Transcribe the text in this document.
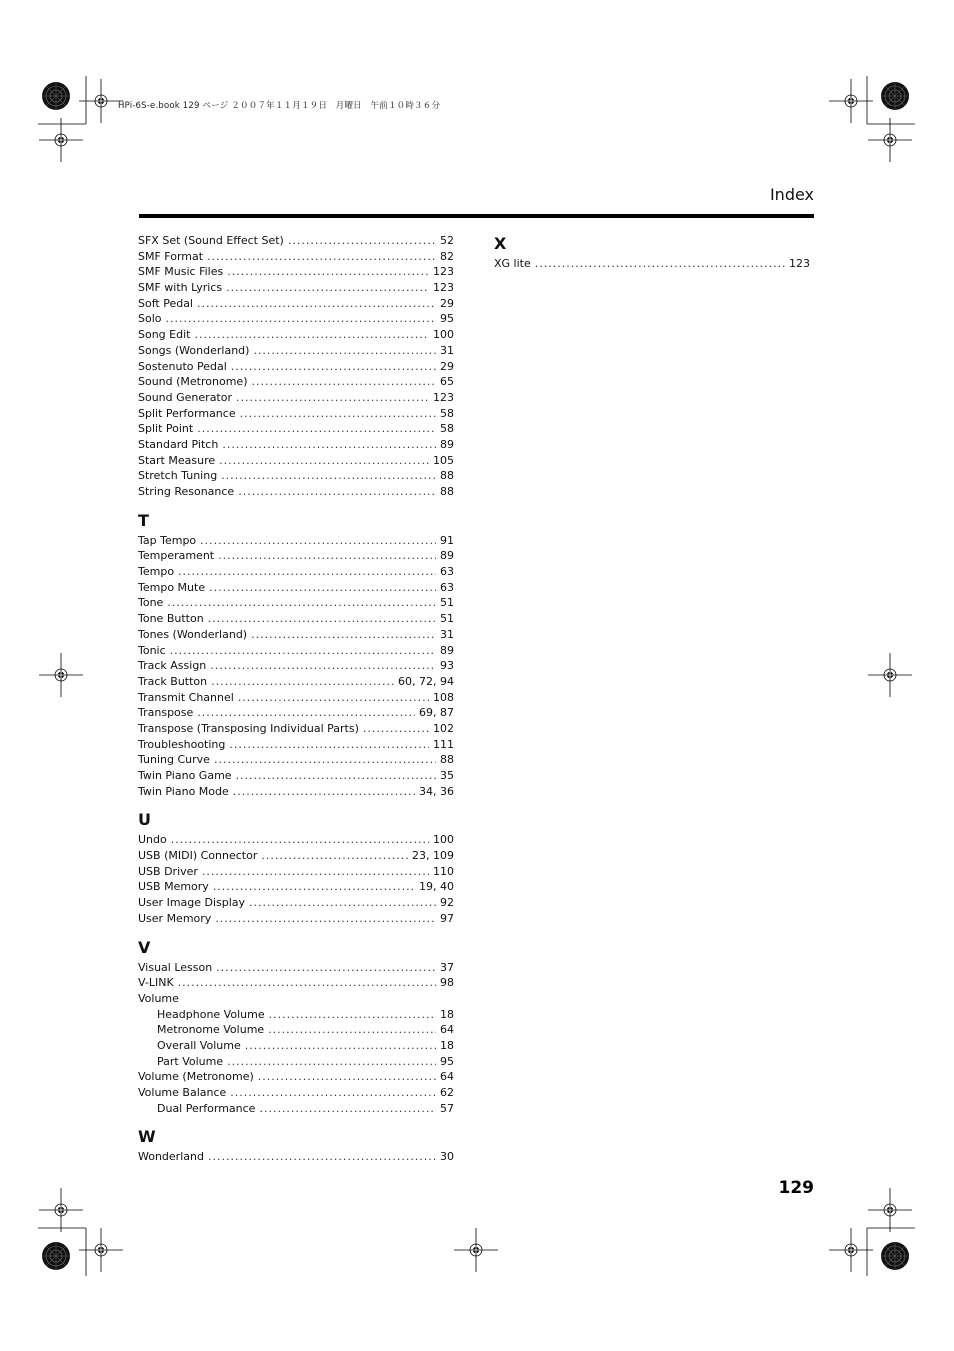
HPi-6S-e.book 129 ページ ２００７年１１月１９日　月曜日　午前１０時３６分
Index
SFX Set (Sound Effect Set) .....	52
SMF Format .....	82
SMF Music Files .....	123
SMF with Lyrics .....	123
Soft Pedal .....	29
Solo .....	95
Song Edit .....	100
Songs (Wonderland) .....	31
Sostenuto Pedal .....	29
Sound (Metronome) .....	65
Sound Generator .....	123
Split Performance .....	58
Split Point .....	58
Standard Pitch .....	89
Start Measure .....	105
Stretch Tuning .....	88
String Resonance .....	88
T
Tap Tempo .....	91
Temperament .....	89
Tempo .....	63
Tempo Mute .....	63
Tone .....	51
Tone Button .....	51
Tones (Wonderland) .....	31
Tonic .....	89
Track Assign .....	93
Track Button .....	60, 72, 94
Transmit Channel .....	108
Transpose .....	69, 87
Transpose (Transposing Individual Parts) .....	102
Troubleshooting .....	111
Tuning Curve .....	88
Twin Piano Game .....	35
Twin Piano Mode .....	34, 36
U
Undo .....	100
USB (MIDI) Connector .....	23, 109
USB Driver .....	110
USB Memory .....	19, 40
User Image Display .....	92
User Memory .....	97
V
Visual Lesson .....	37
V-LINK .....	98
Volume
Headphone Volume .....	18
Metronome Volume .....	64
Overall Volume .....	18
Part Volume .....	95
Volume (Metronome) .....	64
Volume Balance .....	62
Dual Performance .....	57
W
Wonderland .....	30
X
XG lite .....	123
129
